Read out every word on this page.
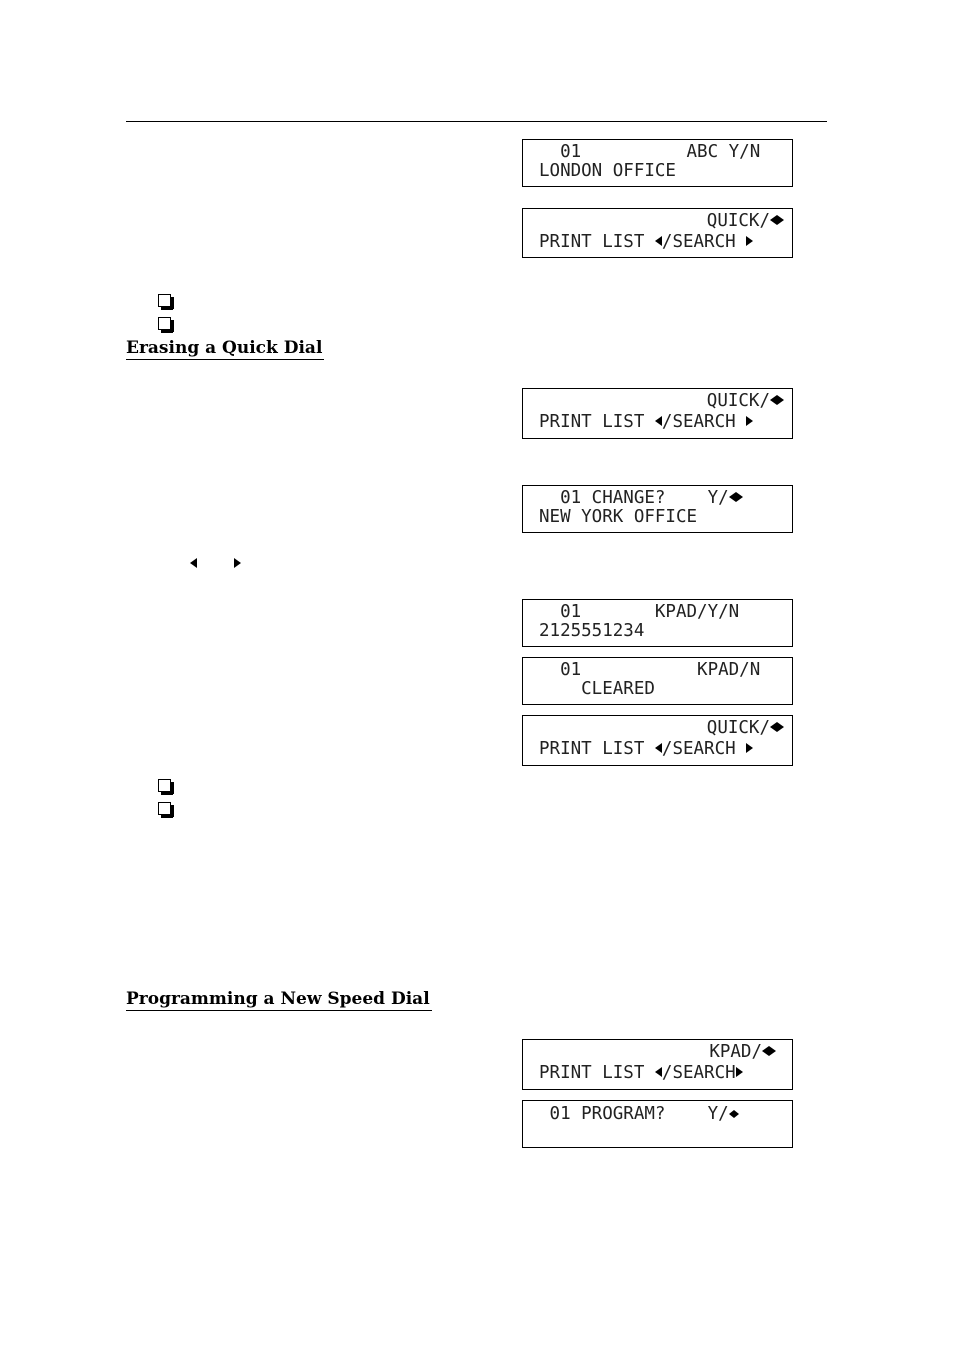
01          ABC Y/N
LONDON OFFICE
QUICK/
PRINT LIST /SEARCH
Erasing a Quick Dial
QUICK/
PRINT LIST /SEARCH
01 CHANGE?    Y/
NEW YORK OFFICE
01       KPAD/Y/N
2125551234
01           KPAD/N
CLEARED
QUICK/
PRINT LIST /SEARCH
Programming a New Speed Dial
KPAD/
PRINT LIST /SEARCH
01 PROGRAM?    Y/
